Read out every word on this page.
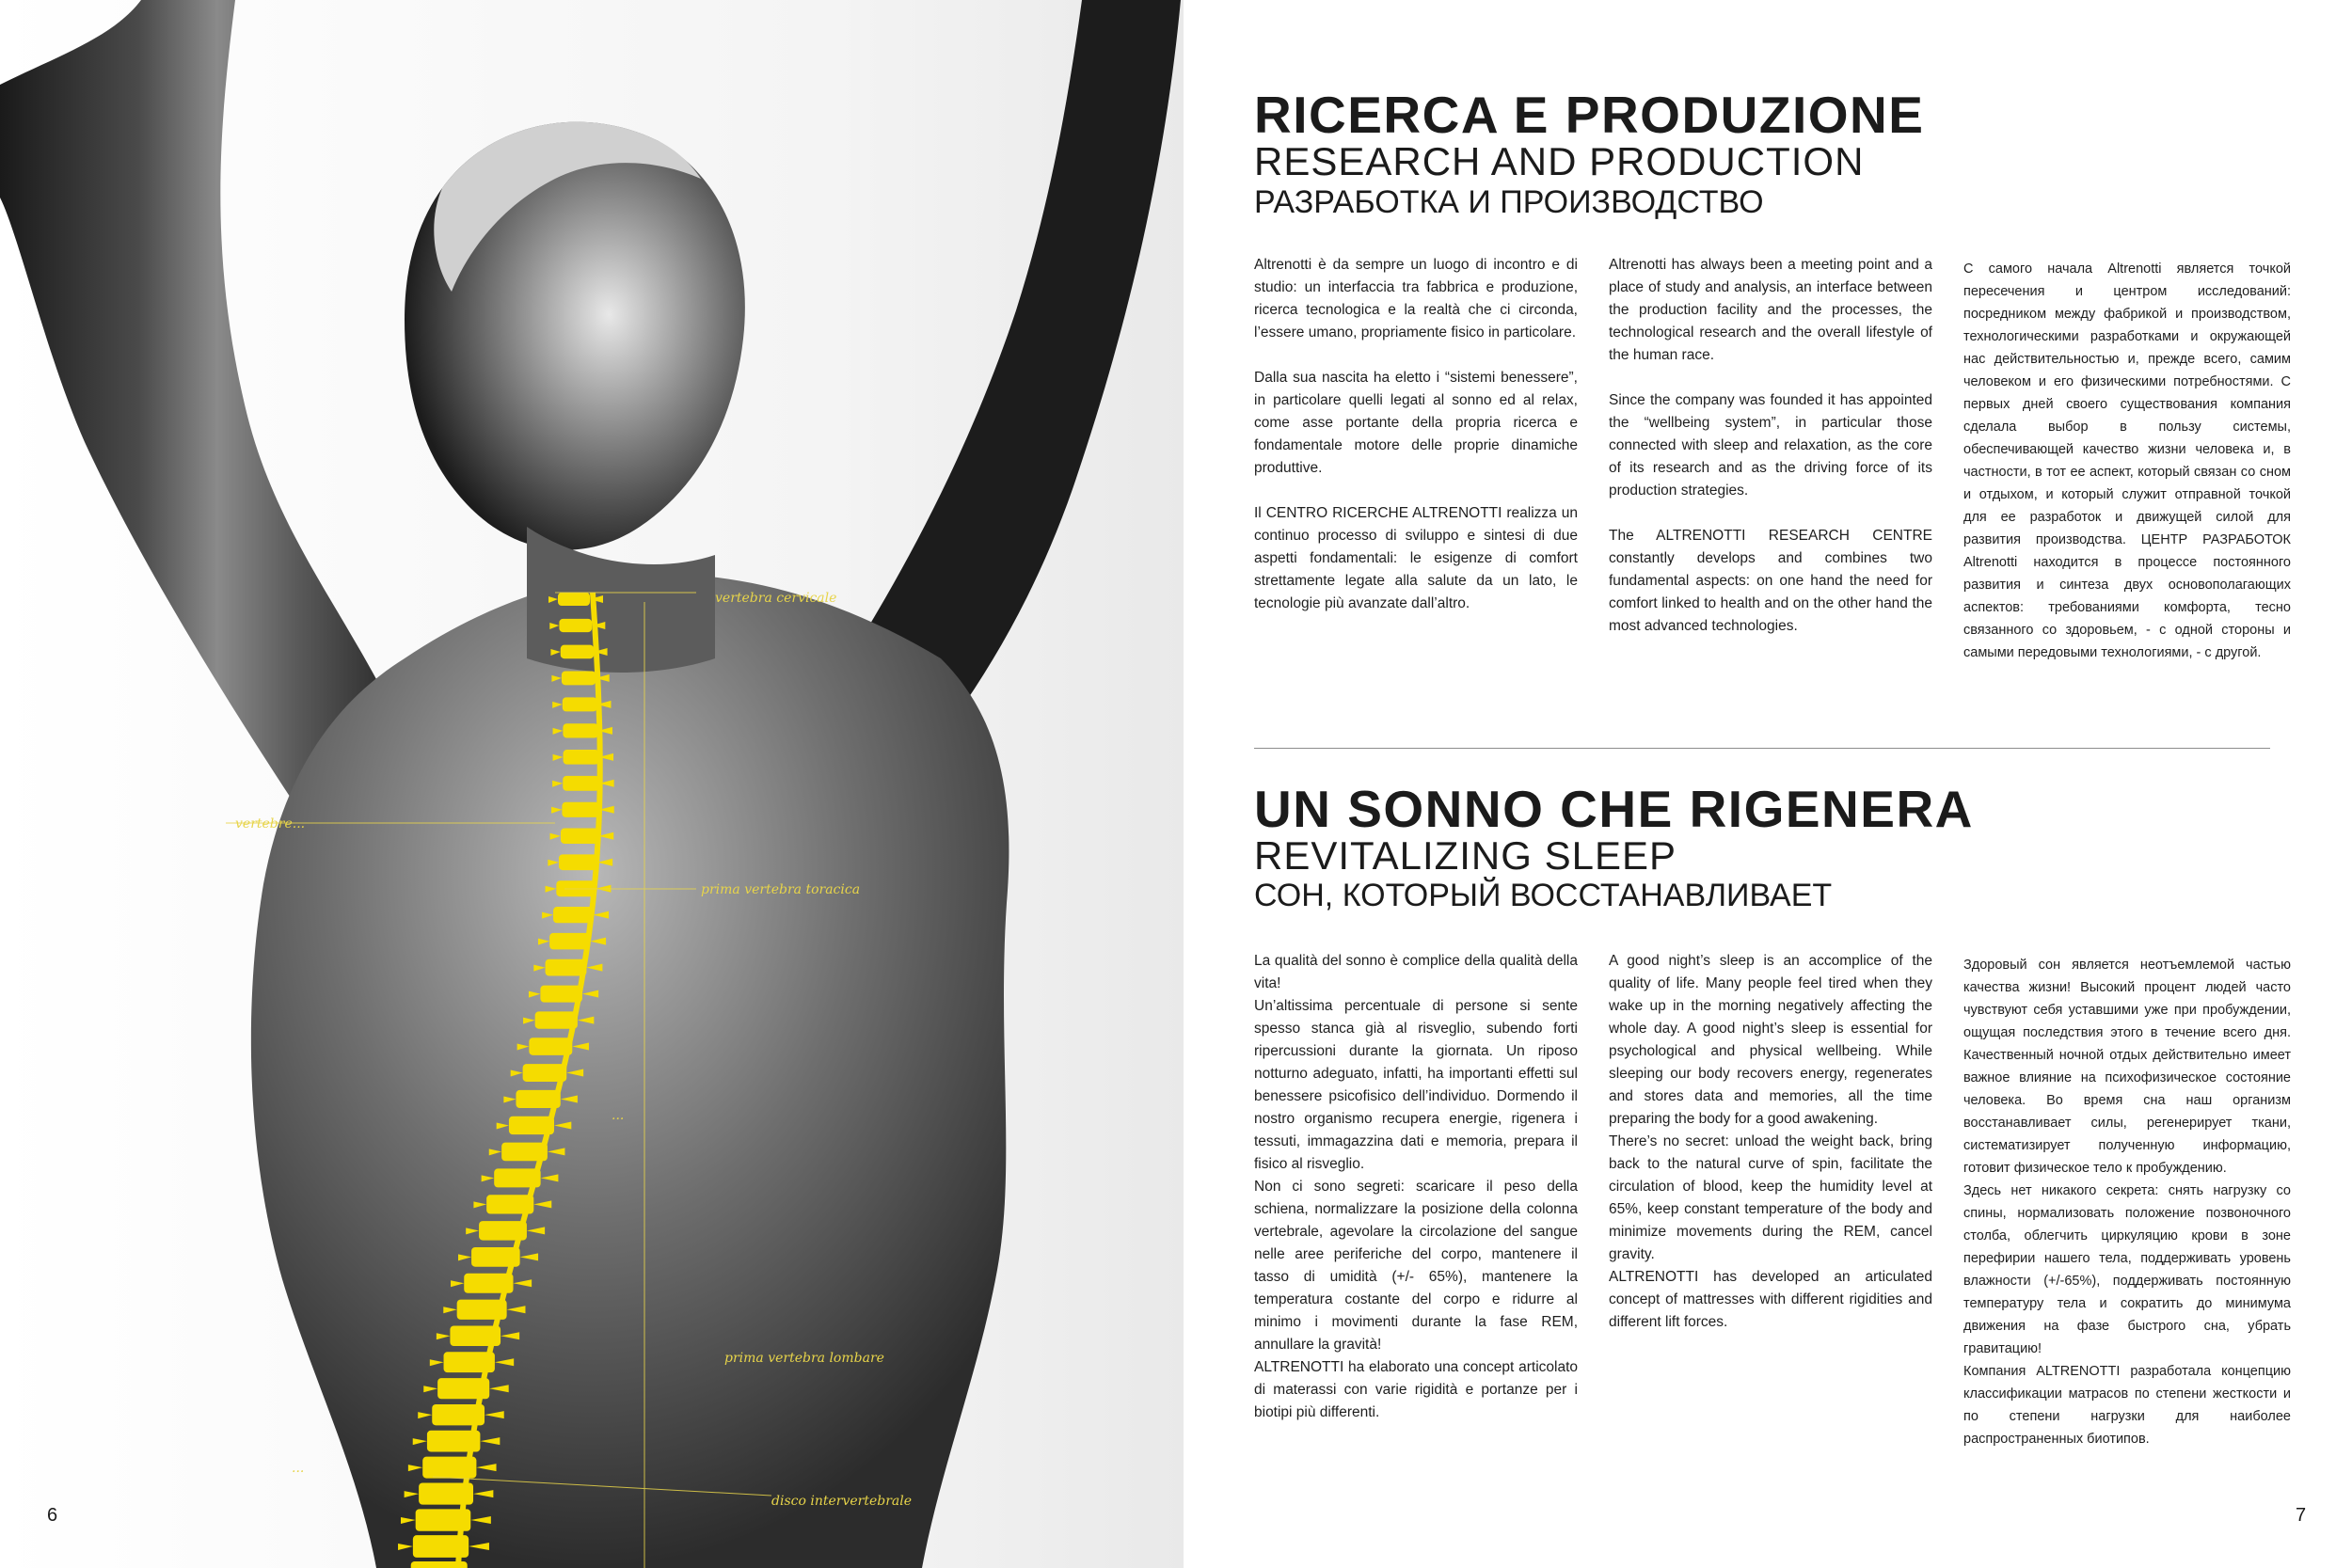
vertebra cervicale
vertebre...
prima vertebra toracica
...
prima vertebra lombare
...
disco intervertebrale
RICERCA E PRODUZIONE
RESEARCH AND PRODUCTION
РАЗРАБОТКА И ПРОИЗВОДСТВО

Altrenotti è da sempre un luogo di incontro e di studio: un interfaccia tra fabbrica e produzione, ricerca tecnologica e la realtà che ci circonda, l’essere umano, propriamente fisico in particolare.

Dalla sua nascita ha eletto i “sistemi benessere”, in particolare quelli legati al sonno ed al relax, come asse portante della propria ricerca e fondamentale motore delle proprie dinamiche produttive.

Il CENTRO RICERCHE ALTRENOTTI realizza un continuo processo di sviluppo e sintesi di due aspetti fondamentali: le esigenze di comfort strettamente legate alla salute da un lato, le tecnologie più avanzate dall’altro.

Altrenotti has always been a meeting point and a place of study and analysis, an interface between the production facility and the processes, the technological research and the overall lifestyle of the human race.

Since the company was founded it has appointed the “wellbeing system”, in particular those connected with sleep and relaxation, as the core of its research and as the driving force of its production strategies.

The ALTRENOTTI RESEARCH CENTRE constantly develops and combines two fundamental aspects: on one hand the need for comfort linked to health and on the other hand the most advanced technologies.

С самого начала Altrenotti является точкой пересечения и центром исследований: посредником между фабрикой и производством, технологическими разработками и окружающей нас действительностью и, прежде всего, самим человеком и его физическими потребностями. С первых дней своего существования компания сделала выбор в пользу системы, обеспечивающей качество жизни человека и, в частности, в тот ее аспект, который связан со сном и отдыхом, и который служит отправной точкой для ее разработок и движущей силой для развития производства. ЦЕНТР РАЗРАБОТОК Altrenotti находится в процессе постоянного развития и синтеза двух основополагающих аспектов: требованиями комфорта, тесно связанного со здоровьем, - с одной стороны и самыми передовыми технологиями, - с другой.

UN SONNO CHE RIGENERA
REVITALIZING SLEEP
СОН, КОТОРЫЙ ВОССТАНАВЛИВАЕТ

La qualità del sonno è complice della qualità della vita!

Un’altissima percentuale di persone si sente spesso stanca già al risveglio, subendo forti ripercussioni durante la giornata. Un riposo notturno adeguato, infatti, ha importanti effetti sul benessere psicofisico dell’individuo. Dormendo il nostro organismo recupera energie, rigenera i tessuti, immagazzina dati e memoria, prepara il fisico al risveglio.

Non ci sono segreti: scaricare il peso della schiena, normalizzare la posizione della colonna vertebrale, agevolare la circolazione del sangue nelle aree periferiche del corpo, mantenere il tasso di umidità (+/- 65%), mantenere la temperatura costante del corpo e ridurre al minimo i movimenti durante la fase REM, annullare la gravità!

ALTRENOTTI ha elaborato una concept articolato di materassi con varie rigidità e portanze per i biotipi più differenti.

A good night’s sleep is an accomplice of the quality of life. Many people feel tired when they wake up in the morning negatively affecting the whole day. A good night’s sleep is essential for psychological and physical wellbeing. While sleeping our body recovers energy, regenerates and stores data and memories, all the time preparing the body for a good awakening.

There’s no secret: unload the weight back, bring back to the natural curve of spin, facilitate the circulation of blood, keep the humidity level at 65%, keep constant temperature of the body and minimize movements during the REM, cancel gravity.

ALTRENOTTI has developed an articulated concept of mattresses with different rigidities and different lift forces.

Здоровый сон является неотъемлемой частью качества жизни! Высокий процент людей часто чувствуют себя уставшими уже при пробуждении, ощущая последствия этого в течение всего дня. Качественный ночной отдых действительно имеет важное влияние на психофизическое состояние человека. Во время сна наш организм восстанавливает силы, регенерирует ткани, систематизирует полученную информацию, готовит физическое тело к пробуждению.

Здесь нет никакого секрета: снять нагрузку со спины, нормализовать положение позвоночного столба, облегчить циркуляцию крови в зоне перефирии нашего тела, поддерживать уровень влажности (+/-65%), поддерживать постоянную температуру тела и сократить до минимума движения на фазе быстрого сна, убрать гравитацию!

Компания ALTRENOTTI разработала концепцию классификации матрасов по степени жесткости и по степени нагрузки для наиболее распространенных биотипов.

6	7
